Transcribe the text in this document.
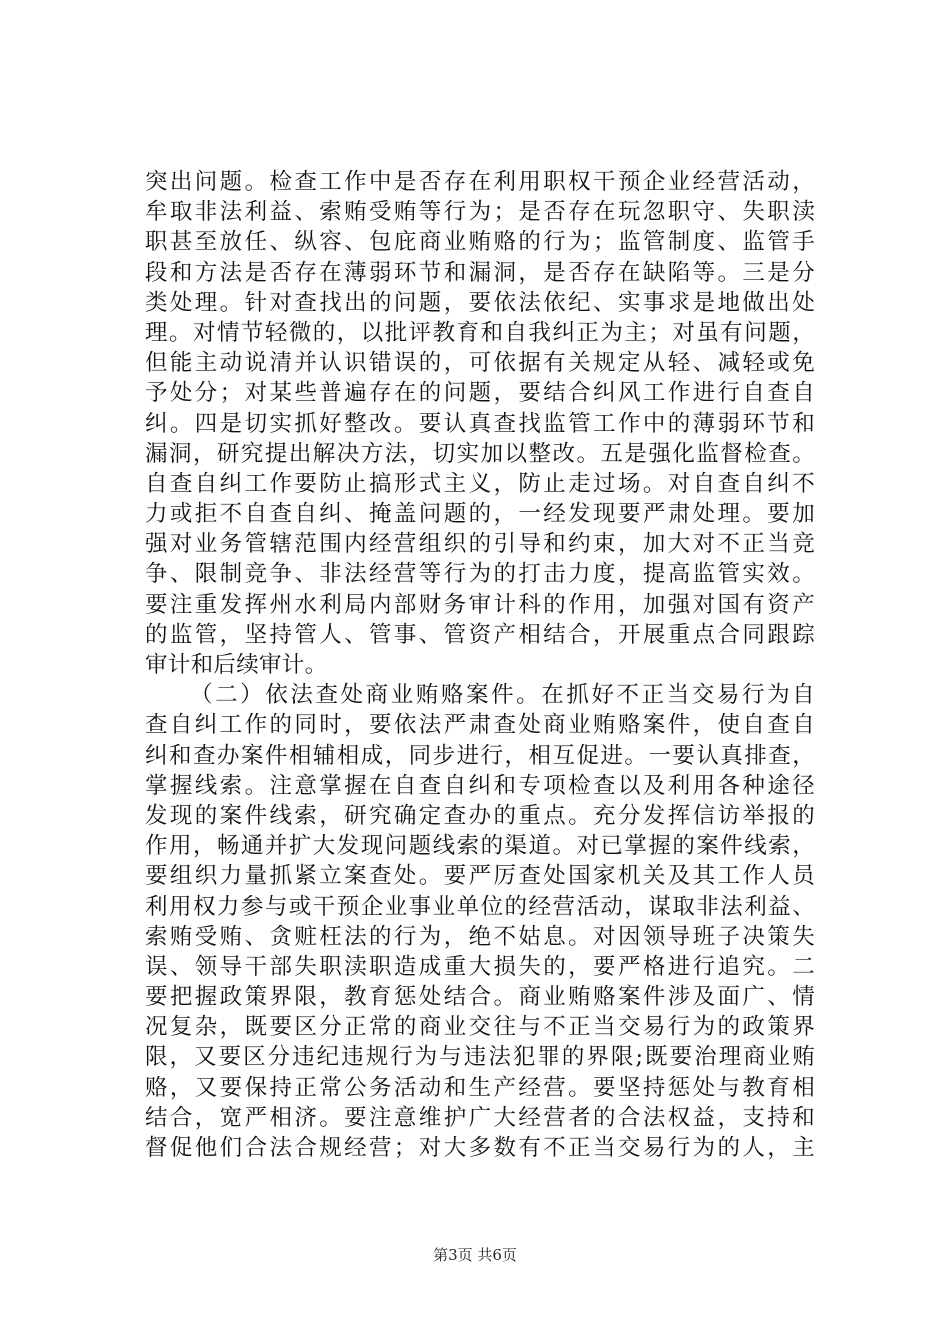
突出问题。检查工作中是否存在利用职权干预企业经营活动，
牟取非法利益、索贿受贿等行为；是否存在玩忽职守、失职渎
职甚至放任、纵容、包庇商业贿赂的行为；监管制度、监管手
段和方法是否存在薄弱环节和漏洞，是否存在缺陷等。三是分
类处理。针对查找出的问题，要依法依纪、实事求是地做出处
理。对情节轻微的，以批评教育和自我纠正为主；对虽有问题，
但能主动说清并认识错误的，可依据有关规定从轻、减轻或免
予处分；对某些普遍存在的问题，要结合纠风工作进行自查自
纠。四是切实抓好整改。要认真查找监管工作中的薄弱环节和
漏洞，研究提出解决方法，切实加以整改。五是强化监督检查。
自查自纠工作要防止搞形式主义，防止走过场。对自查自纠不
力或拒不自查自纠、掩盖问题的，一经发现要严肃处理。要加
强对业务管辖范围内经营组织的引导和约束，加大对不正当竞
争、限制竞争、非法经营等行为的打击力度，提高监管实效。
要注重发挥州水利局内部财务审计科的作用，加强对国有资产
的监管，坚持管人、管事、管资产相结合，开展重点合同跟踪
审计和后续审计。
（二）依法查处商业贿赂案件。在抓好不正当交易行为自
查自纠工作的同时，要依法严肃查处商业贿赂案件，使自查自
纠和查办案件相辅相成，同步进行，相互促进。一要认真排查，
掌握线索。注意掌握在自查自纠和专项检查以及利用各种途径
发现的案件线索，研究确定查办的重点。充分发挥信访举报的
作用，畅通并扩大发现问题线索的渠道。对已掌握的案件线索，
要组织力量抓紧立案查处。要严厉查处国家机关及其工作人员
利用权力参与或干预企业事业单位的经营活动，谋取非法利益、
索贿受贿、贪赃枉法的行为，绝不姑息。对因领导班子决策失
误、领导干部失职渎职造成重大损失的，要严格进行追究。二
要把握政策界限，教育惩处结合。商业贿赂案件涉及面广、情
况复杂，既要区分正常的商业交往与不正当交易行为的政策界
限，又要区分违纪违规行为与违法犯罪的界限;既要治理商业贿
赂，又要保持正常公务活动和生产经营。要坚持惩处与教育相
结合，宽严相济。要注意维护广大经营者的合法权益，支持和
督促他们合法合规经营；对大多数有不正当交易行为的人，主
第3页 共6页
